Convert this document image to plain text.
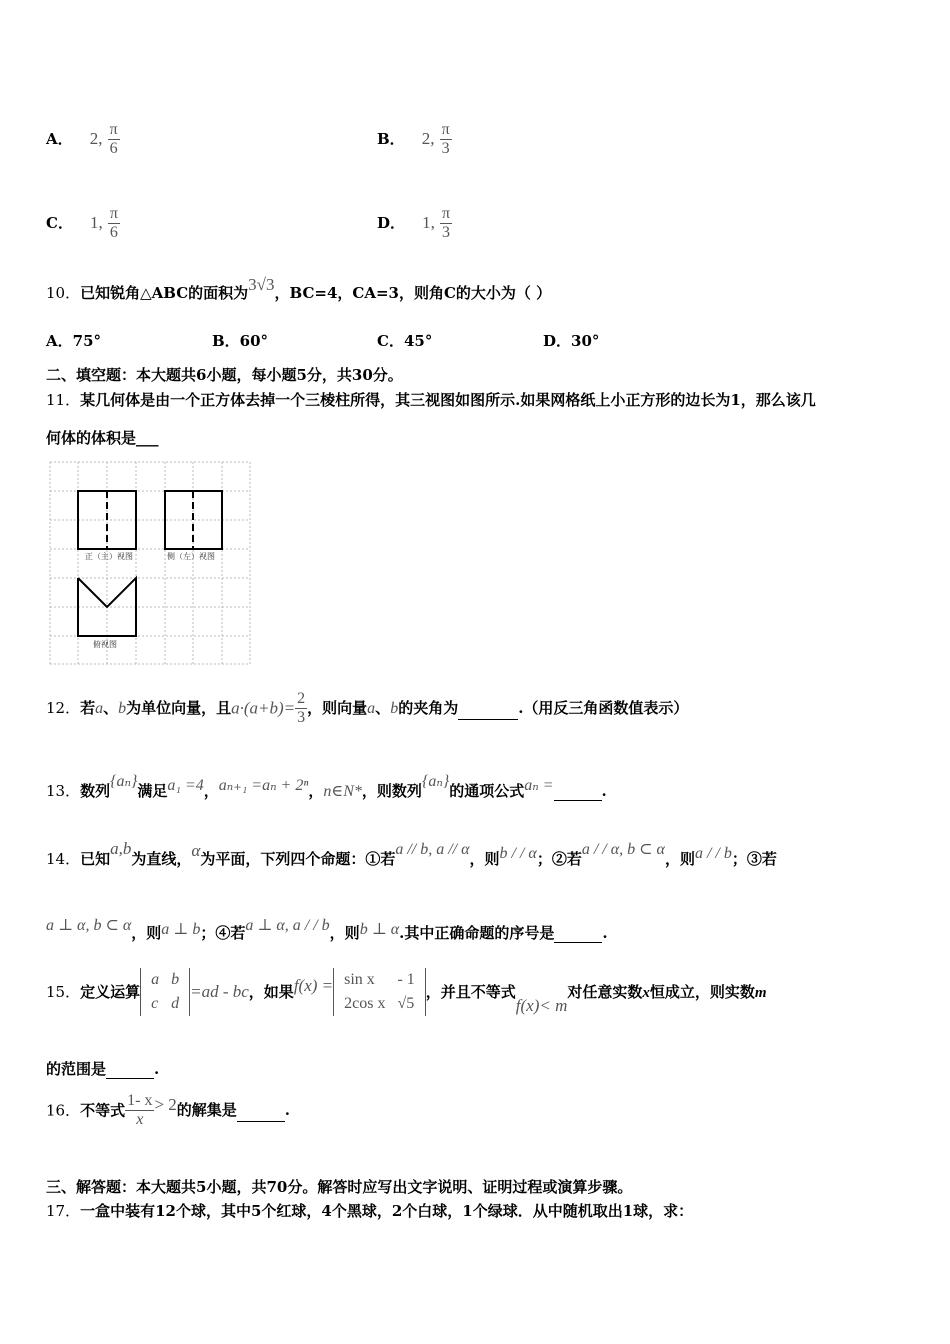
A． 2, $\frac{\pi}{6}$	B． 2, $\frac{\pi}{3}$
C． 1, $\frac{\pi}{6}$	D． 1, $\frac{\pi}{3}$
10．已知锐角△ABC的面积为3√3，BC=4，CA=3，则角C的大小为（ ）
A．75°	B．60°	C．45°	D．30°
二、填空题：本大题共6小题，每小题5分，共30分。
11．某几何体是由一个正方体去掉一个三棱柱所得，其三视图如图所示.如果网格纸上小正方形的边长为1，那么该几
何体的体积是___
正（主）视图	侧（左）视图
俯视图
12．若a、b为单位向量，且$a\cdot(a+b)= \frac{2}{3}$ ，则向量a、b的夹角为	.（用反三角函数值表示）
13．数列{aₙ}满足a₁ =4，aₙ₊₁ =aₙ + 2ⁿ，n∈N*，则数列{aₙ}的通项公式aₙ =	.
14．已知a,b为直线，α为平面，下列四个命题：①若a // b, a // α，则b / / α；②若a / / α, b ⊂ α，则a / / b；③若
a ⊥ α, b ⊂ α，则a ⊥ b；④若a ⊥ α, a / / b，则b ⊥ α.其中正确命题的序号是	.
15．定义运算
a	b
c	d
=ad - bc，如果f(x) = sin x	- 1
2cos x	√5
，并且不等式f(x)< m对任意实数x恒成立，则实数m
的范围是	.
16．不等式 $\frac{1- x}{x} > 2$的解集是	.
三、解答题：本大题共5小题，共70分。解答时应写出文字说明、证明过程或演算步骤。
17．一盒中装有12个球，其中5个红球，4个黑球，2个白球，1个绿球．从中随机取出1球，求：
